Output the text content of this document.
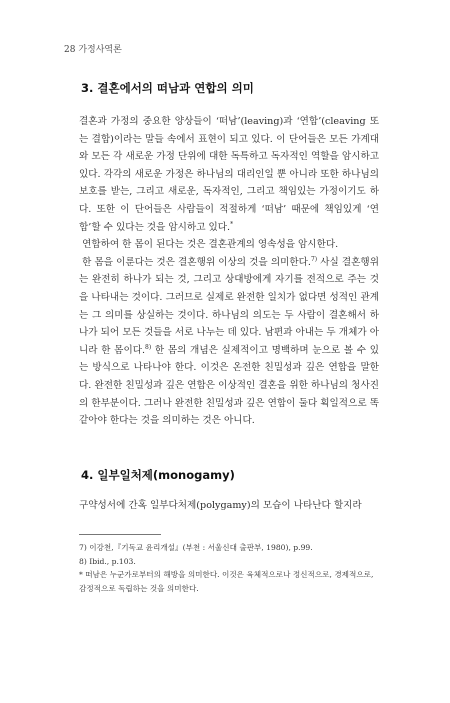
28 가정사역론
3. 결혼에서의 떠남과 연합의 의미

결혼과 가정의 중요한 양상들이 ‘떠남’(leaving)과 ‘연합’(cleaving 또는 결합)이라는 말들 속에서 표현이 되고 있다. 이 단어들은 모든 가계대와 모든 각 새로운 가정 단위에 대한 독특하고 독자적인 역할을 암시하고 있다. 각각의 새로운 가정은 하나님의 대리인일 뿐 아니라 또한 하나님의 보호를 받는, 그리고 새로운, 독자적인, 그리고 책임있는 가정이기도 하다. 또한 이 단어들은 사람들이 적절하게 ‘떠남’ 때문에 책임있게 ‘연합’할 수 있다는 것을 암시하고 있다.*

연합하여 한 몸이 된다는 것은 결혼관계의 영속성을 암시한다.

한 몸을 이룬다는 것은 결혼행위 이상의 것을 의미한다.$^{7)}$ 사실 결혼행위는 완전히 하나가 되는 것, 그리고 상대방에게 자기를 전적으로 주는 것을 나타내는 것이다. 그러므로 실제로 완전한 일치가 없다면 성적인 관계는 그 의미를 상실하는 것이다. 하나님의 의도는 두 사람이 결혼해서 하나가 되어 모든 것들을 서로 나누는 데 있다. 남편과 아내는 두 개체가 아니라 한 몸이다.$^{8)}$ 한 몸의 개념은 실제적이고 명백하며 눈으로 볼 수 있는 방식으로 나타나야 한다. 이것은 온전한 친밀성과 깊은 연합을 말한다. 완전한 친밀성과 깊은 연합은 이상적인 결혼을 위한 하나님의 청사진의 한부분이다. 그러나 완전한 친밀성과 깊은 연합이 둘다 획일적으로 똑같아야 한다는 것을 의미하는 것은 아니다.

4. 일부일처제(monogamy)

구약성서에 간혹 일부다처제(polygamy)의 모습이 나타난다 할지라

7) 이강천,『기독교 윤리개설』(부천 : 서울신대 출판부, 1980), p.99.
8) Ibid., p.103.
* 떠남은 누군가로부터의 해방을 의미한다. 이것은 육체적으로나 정신적으로, 경제적으로, 감정적으로 독립하는 것을 의미한다.
